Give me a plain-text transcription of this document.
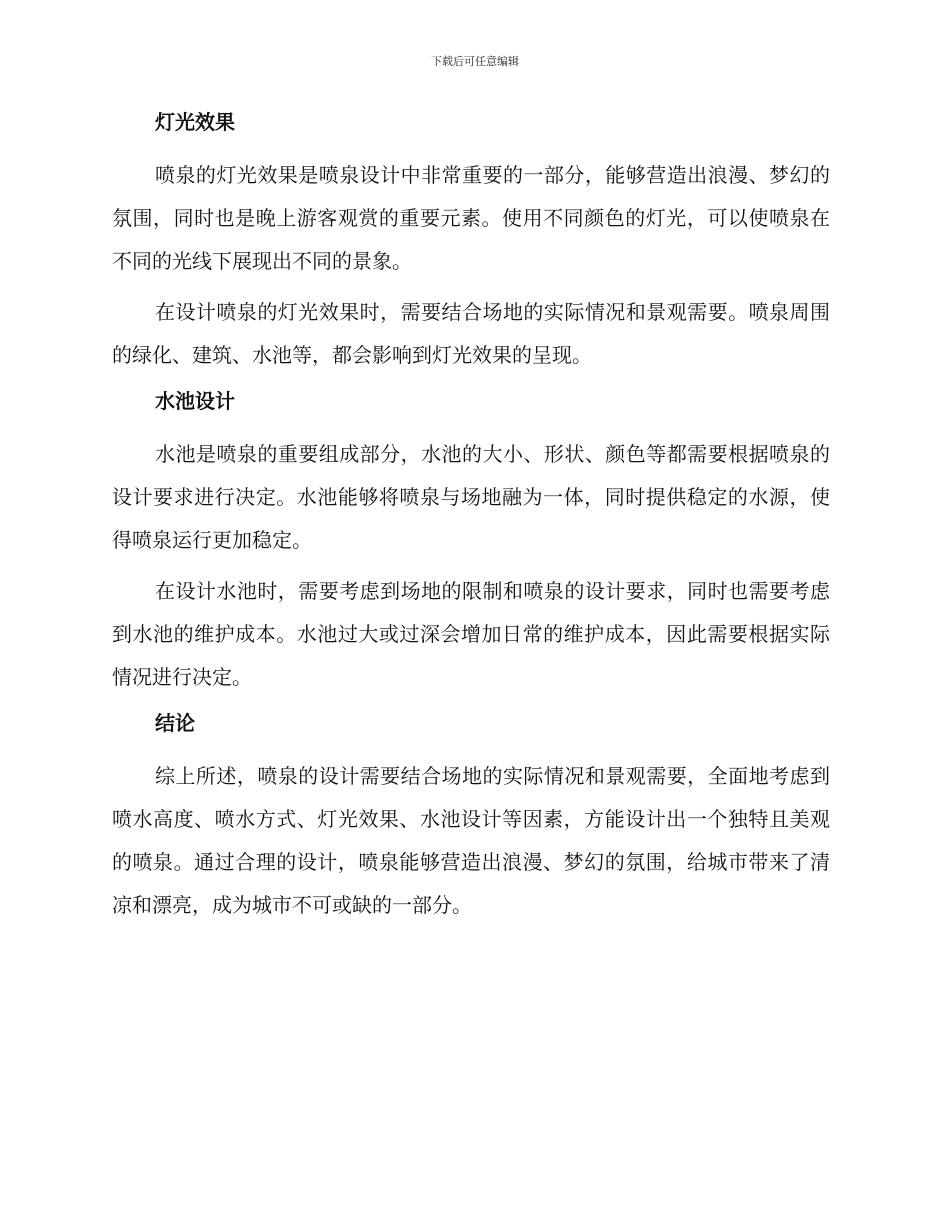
下载后可任意编辑
灯光效果

喷泉的灯光效果是喷泉设计中非常重要的一部分，能够营造出浪漫、梦幻的氛围，同时也是晚上游客观赏的重要元素。使用不同颜色的灯光，可以使喷泉在不同的光线下展现出不同的景象。

在设计喷泉的灯光效果时，需要结合场地的实际情况和景观需要。喷泉周围的绿化、建筑、水池等，都会影响到灯光效果的呈现。

水池设计

水池是喷泉的重要组成部分，水池的大小、形状、颜色等都需要根据喷泉的设计要求进行决定。水池能够将喷泉与场地融为一体，同时提供稳定的水源，使得喷泉运行更加稳定。

在设计水池时，需要考虑到场地的限制和喷泉的设计要求，同时也需要考虑到水池的维护成本。水池过大或过深会增加日常的维护成本，因此需要根据实际情况进行决定。

结论

综上所述，喷泉的设计需要结合场地的实际情况和景观需要，全面地考虑到喷水高度、喷水方式、灯光效果、水池设计等因素，方能设计出一个独特且美观的喷泉。通过合理的设计，喷泉能够营造出浪漫、梦幻的氛围，给城市带来了清凉和漂亮，成为城市不可或缺的一部分。
